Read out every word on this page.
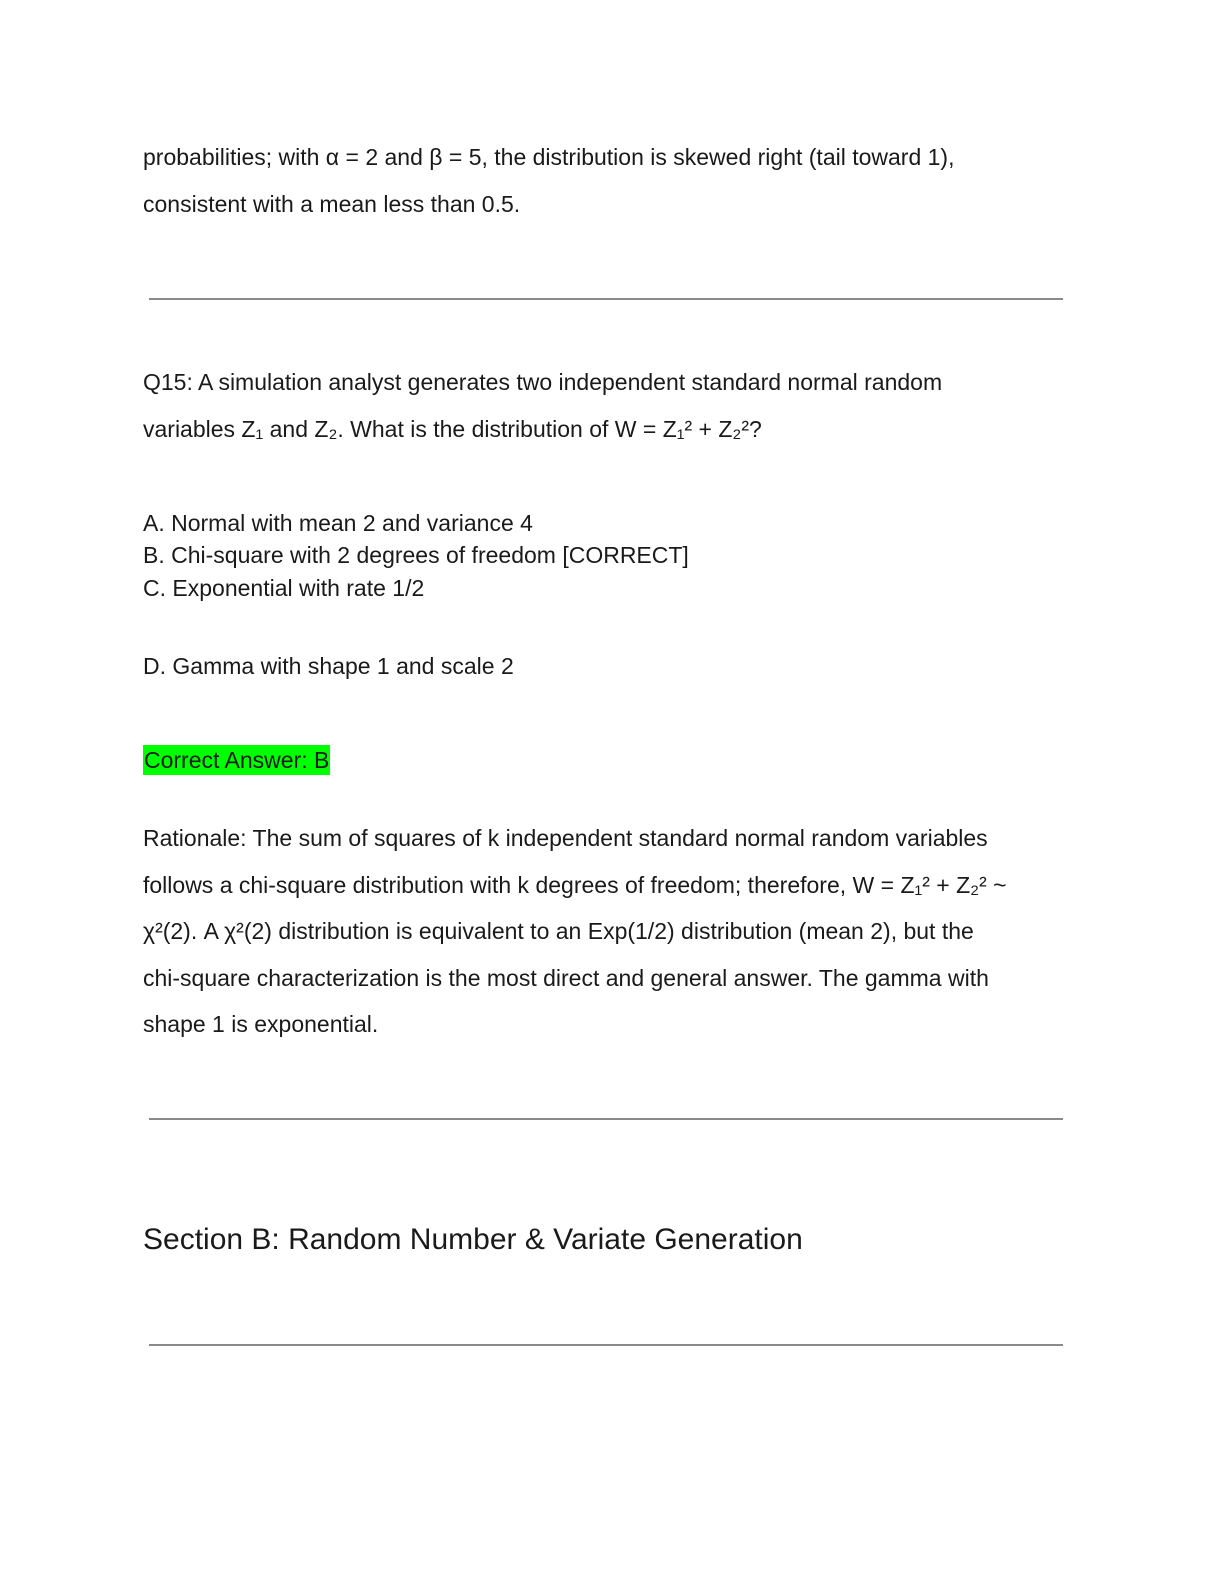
probabilities; with α = 2 and β = 5, the distribution is skewed right (tail toward 1),
consistent with a mean less than 0.5.

Q15: A simulation analyst generates two independent standard normal random
variables Z₁ and Z₂. What is the distribution of W = Z₁² + Z₂²?

A. Normal with mean 2 and variance 4

B. Chi-square with 2 degrees of freedom [CORRECT]

C. Exponential with rate 1/2

D. Gamma with shape 1 and scale 2

Correct Answer: B

Rationale: The sum of squares of k independent standard normal random variables
follows a chi-square distribution with k degrees of freedom; therefore, W = Z₁² + Z₂² ~
χ²(2). A χ²(2) distribution is equivalent to an Exp(1/2) distribution (mean 2), but the
chi-square characterization is the most direct and general answer. The gamma with
shape 1 is exponential.

Section B: Random Number & Variate Generation
